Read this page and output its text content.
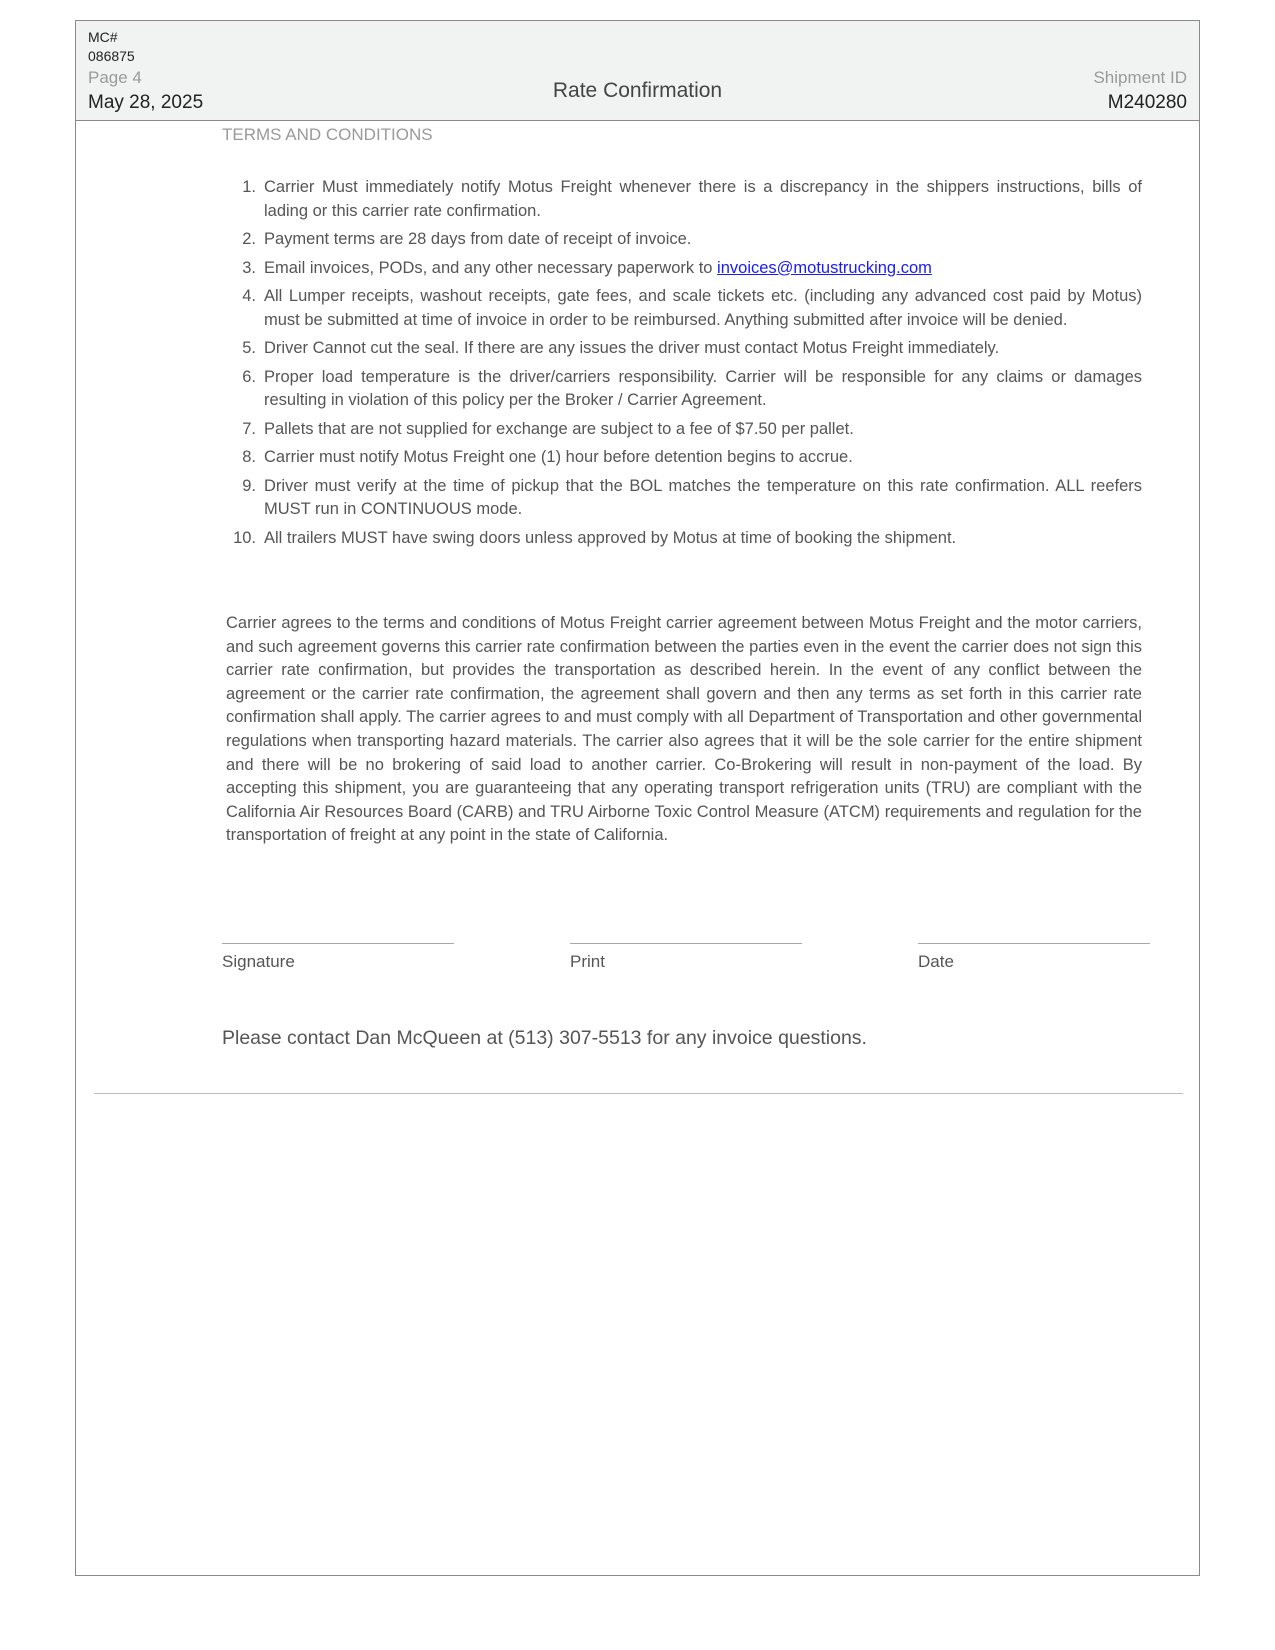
MC#
086875
Page 4
May 28, 2025
Rate Confirmation
Shipment ID
M240280
TERMS AND CONDITIONS
1. Carrier Must immediately notify Motus Freight whenever there is a discrepancy in the shippers instructions, bills of lading or this carrier rate confirmation.
2. Payment terms are 28 days from date of receipt of invoice.
3. Email invoices, PODs, and any other necessary paperwork to invoices@motustrucking.com
4. All Lumper receipts, washout receipts, gate fees, and scale tickets etc. (including any advanced cost paid by Motus) must be submitted at time of invoice in order to be reimbursed. Anything submitted after invoice will be denied.
5. Driver Cannot cut the seal. If there are any issues the driver must contact Motus Freight immediately.
6. Proper load temperature is the driver/carriers responsibility. Carrier will be responsible for any claims or damages resulting in violation of this policy per the Broker / Carrier Agreement.
7. Pallets that are not supplied for exchange are subject to a fee of $7.50 per pallet.
8. Carrier must notify Motus Freight one (1) hour before detention begins to accrue.
9. Driver must verify at the time of pickup that the BOL matches the temperature on this rate confirmation. ALL reefers MUST run in CONTINUOUS mode.
10. All trailers MUST have swing doors unless approved by Motus at time of booking the shipment.

Carrier agrees to the terms and conditions of Motus Freight carrier agreement between Motus Freight and the motor carriers, and such agreement governs this carrier rate confirmation between the parties even in the event the carrier does not sign this carrier rate confirmation, but provides the transportation as described herein. In the event of any conflict between the agreement or the carrier rate confirmation, the agreement shall govern and then any terms as set forth in this carrier rate confirmation shall apply. The carrier agrees to and must comply with all Department of Transportation and other governmental regulations when transporting hazard materials. The carrier also agrees that it will be the sole carrier for the entire shipment and there will be no brokering of said load to another carrier. Co-Brokering will result in non-payment of the load. By accepting this shipment, you are guaranteeing that any operating transport refrigeration units (TRU) are compliant with the California Air Resources Board (CARB) and TRU Airborne Toxic Control Measure (ATCM) requirements and regulation for the transportation of freight at any point in the state of California.

Signature	Print	Date
Please contact Dan McQueen at (513) 307-5513 for any invoice questions.
